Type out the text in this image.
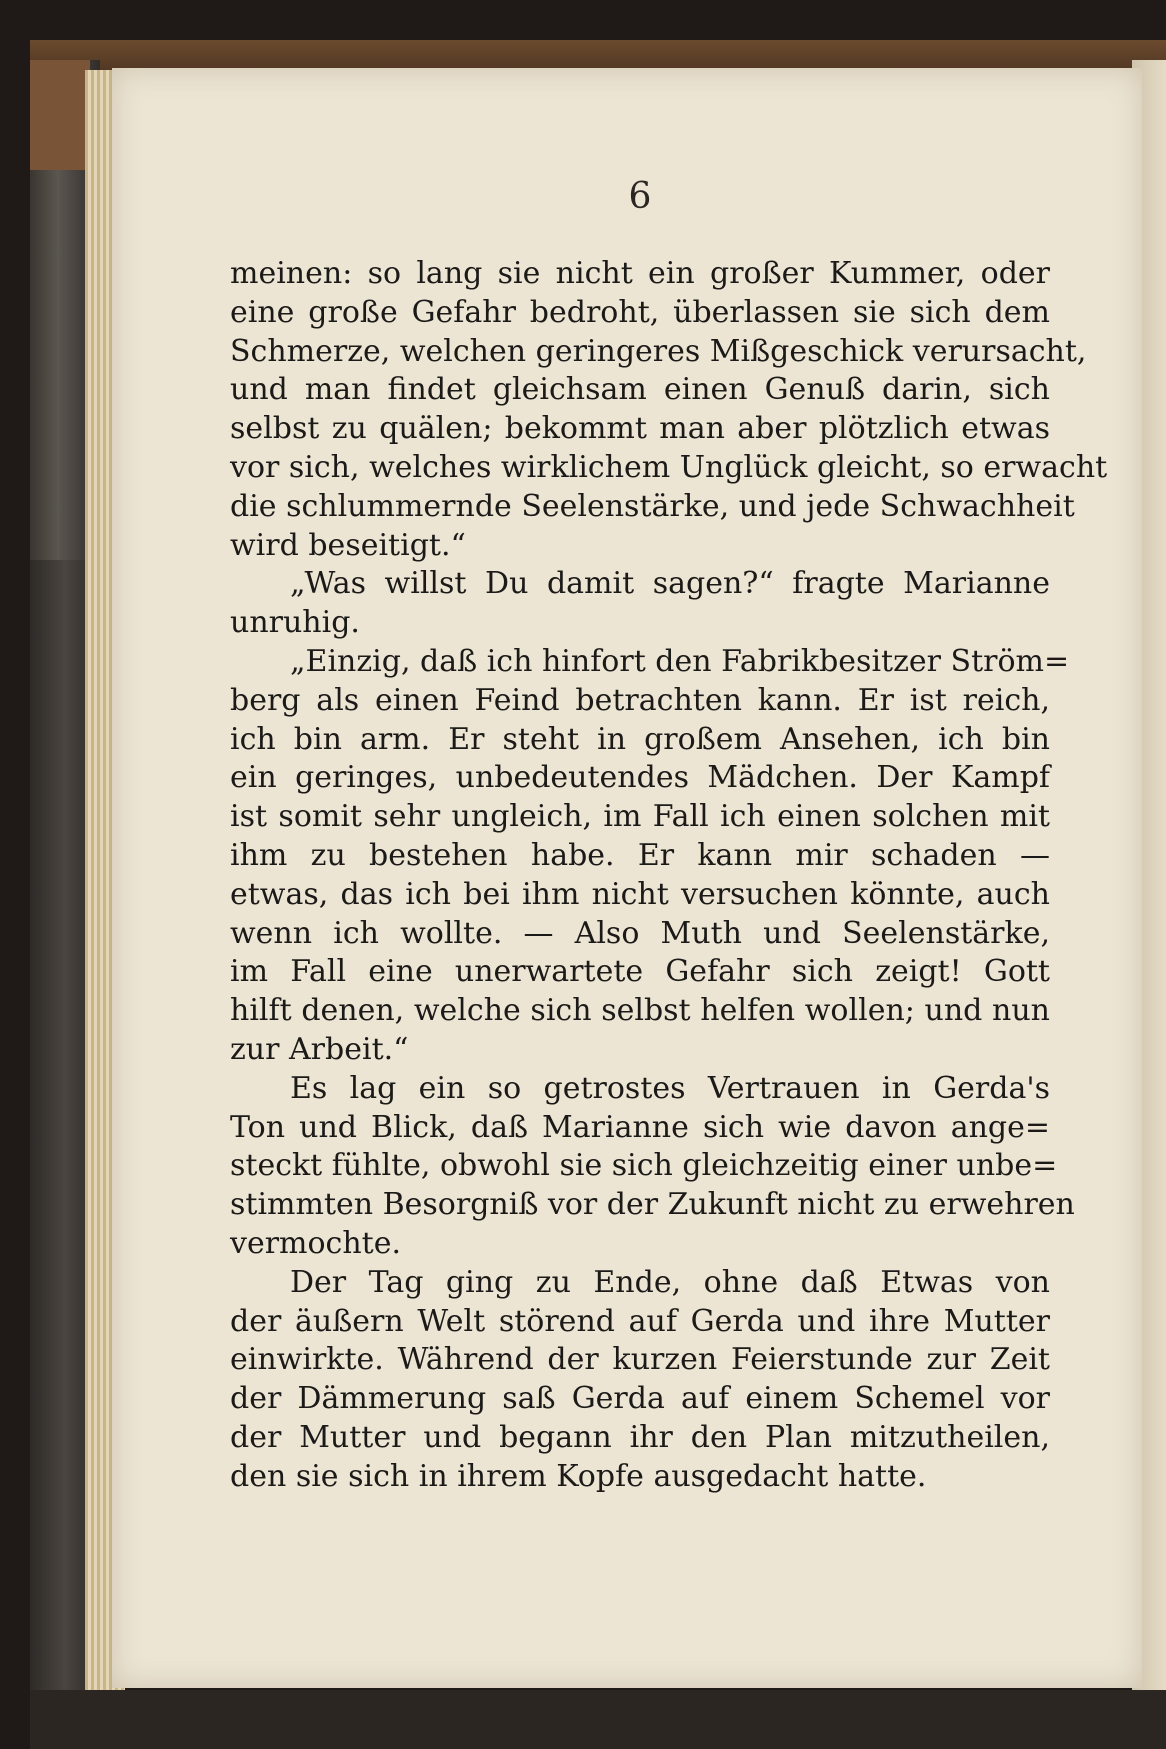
6
meinen: so lang sie nicht ein großer Kummer, oder
eine große Gefahr bedroht, überlassen sie sich dem
Schmerze, welchen geringeres Mißgeschick verursacht,
und man findet gleichsam einen Genuß darin, sich
selbst zu quälen; bekommt man aber plötzlich etwas
vor sich, welches wirklichem Unglück gleicht, so erwacht
die schlummernde Seelenstärke, und jede Schwachheit
wird beseitigt.“
„Was willst Du damit sagen?“ fragte Marianne
unruhig.
„Einzig, daß ich hinfort den Fabrikbesitzer Ström=
berg als einen Feind betrachten kann. Er ist reich,
ich bin arm. Er steht in großem Ansehen, ich bin
ein geringes, unbedeutendes Mädchen. Der Kampf
ist somit sehr ungleich, im Fall ich einen solchen mit
ihm zu bestehen habe. Er kann mir schaden —
etwas, das ich bei ihm nicht versuchen könnte, auch
wenn ich wollte. — Also Muth und Seelenstärke,
im Fall eine unerwartete Gefahr sich zeigt! Gott
hilft denen, welche sich selbst helfen wollen; und nun
zur Arbeit.“
Es lag ein so getrostes Vertrauen in Gerda's
Ton und Blick, daß Marianne sich wie davon ange=
steckt fühlte, obwohl sie sich gleichzeitig einer unbe=
stimmten Besorgniß vor der Zukunft nicht zu erwehren
vermochte.
Der Tag ging zu Ende, ohne daß Etwas von
der äußern Welt störend auf Gerda und ihre Mutter
einwirkte. Während der kurzen Feierstunde zur Zeit
der Dämmerung saß Gerda auf einem Schemel vor
der Mutter und begann ihr den Plan mitzutheilen,
den sie sich in ihrem Kopfe ausgedacht hatte.
